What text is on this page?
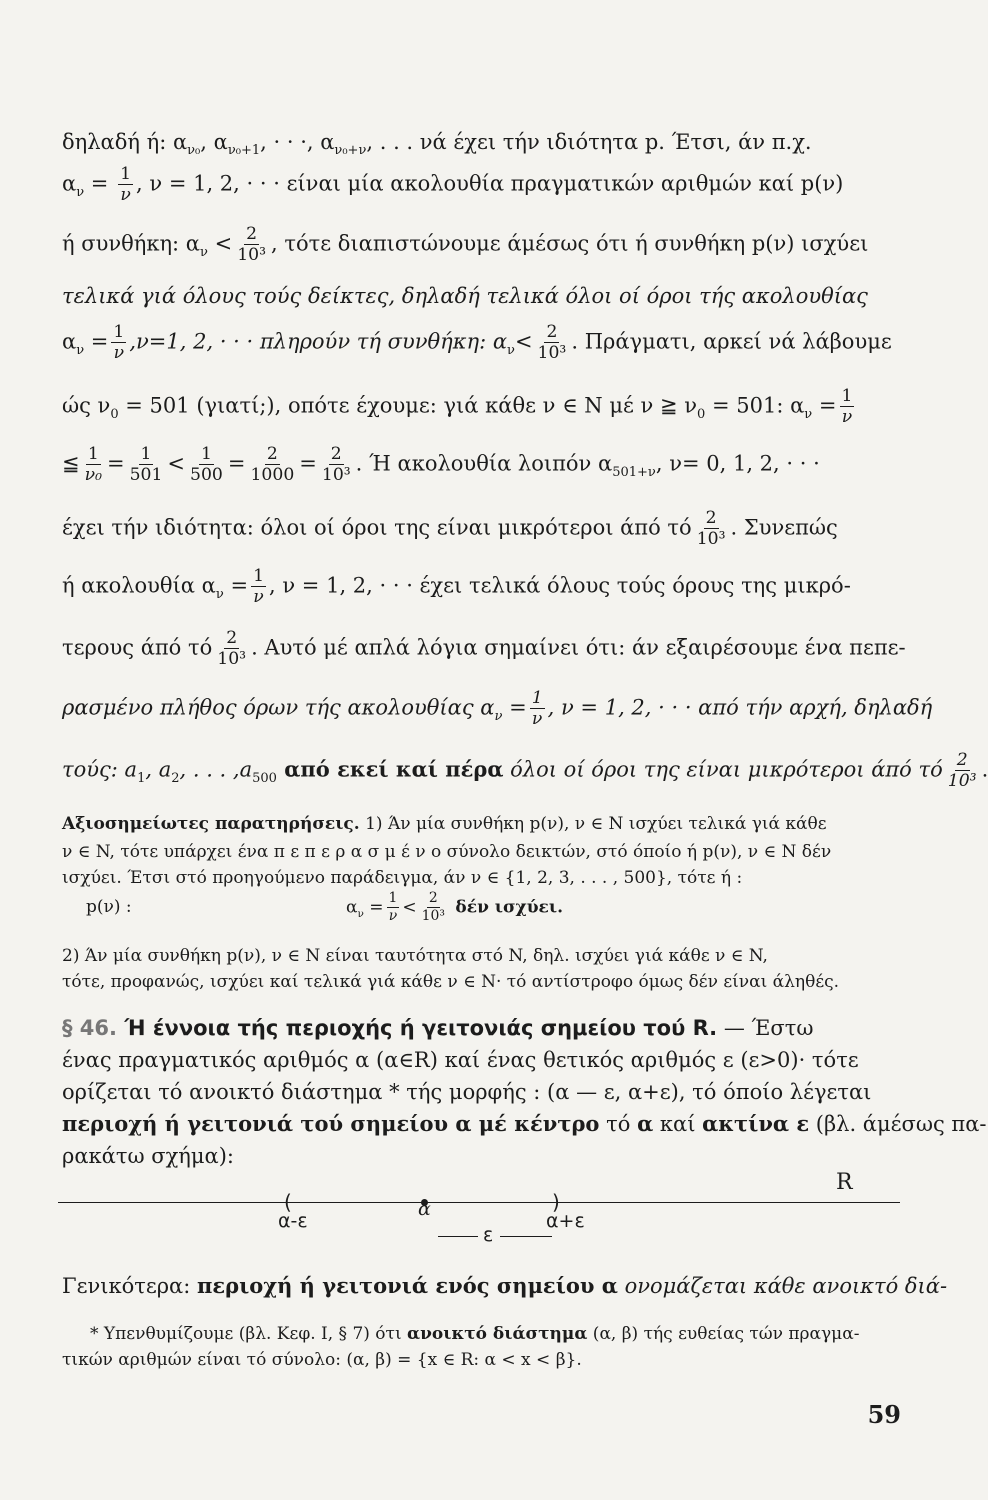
δηλαδή ή: $\alpha_{\nu_0}$, $\alpha_{\nu_0+1}$, · · ·, $\alpha_{\nu_0+\nu}$, . . . νά έχει τήν ιδιότητα p. Έτσι, άν π.χ.
$\alpha_\nu = \frac{1}{\nu}$ , ν = 1, 2, · · · είναι μία ακολουθία πραγματικών αριθμών καί p(ν)
ή συνθήκη: $\alpha_\nu < \frac{2}{\text{10³}}$ , τότε διαπιστώνουμε άμέσως ότι ή συνθήκη p(ν) ισχύει
τελικά γιά όλους τούς δείκτες, δηλαδή τελικά όλοι οί όροι τής ακολουθίας
$\alpha_\nu = \frac{1}{\nu} ,\nu=1$, 2, · · · πληρούν τή συνθήκη: $\alpha_\nu< \frac{2}{\text{10³}}$ . Πράγματι, αρκεί νά λάβουμε
ώς $\nu_0 = 501$ (γιατί;), οπότε έχουμε: γιά κάθε ν ∈ N μέ ν ≧ $\nu_0 = 501$: $\alpha_\nu = \frac{1}{\nu}$
≦ $\frac{1}{\text{ν₀}} = \frac{1}{501} < \frac{1}{500} = \frac{2}{1000} = \frac{2}{\text{10³}}$ . Ή ακολουθία λοιπόν $\alpha_{501+\nu}$, ν= 0, 1, 2, · · ·
έχει τήν ιδιότητα: όλοι οί όροι της είναι μικρότεροι άπό τό $\frac{2}{\text{10³}}$ . Συνεπώς
ή ακολουθία $\alpha_\nu = \frac{1}{\nu}$ , ν = 1, 2, · · · έχει τελικά όλους τούς όρους της μικρό-
τερους άπό τό $\frac{2}{\text{10³}}$ . Αυτό μέ απλά λόγια σημαίνει ότι: άν εξαιρέσουμε ένα πεπε-
ρασμένο πλήθος όρων τής ακολουθίας $\alpha_\nu = \frac{1}{\nu}$ , ν = 1, 2, · · · από τήν αρχή, δηλαδή
τούς: $a_1$, $a_2$, . . . $,a_{500}$ από εκεί καί πέρα όλοι οί όροι της είναι μικρότεροι άπό τό $\frac{2}{\text{10³}}$ .
Αξιοσημείωτες παρατηρήσεις. 1) Άν μία συνθήκη p(ν), ν ∈ N ισχύει τελικά γιά κάθε
ν ∈ N, τότε υπάρχει ένα π ε π ε ρ α σ μ έ ν ο σύνολο δεικτών, στό όποίο ή p(ν), ν ∈ N δέν
ισχύει. Έτσι στό προηγούμενο παράδειγμα, άν ν ∈ {1, 2, 3, . . . , 500}, τότε ή :
p(ν) :	$\alpha_\nu = \frac{1}{\nu} < \frac{2}{\text{10³}}$ δέν ισχύει.
2) Άν μία συνθήκη p(ν), ν ∈ N είναι ταυτότητα στό N, δηλ. ισχύει γιά κάθε ν ∈ N,
τότε, προφανώς, ισχύει καί τελικά γιά κάθε ν ∈ N· τό αντίστροφο όμως δέν είναι άληθές.
§ 46. Ή έννοια τής περιοχής ή γειτονιάς σημείου τού R. — Έστω
ένας πραγματικός αριθμός α (α∈R) καί ένας θετικός αριθμός ε (ε>0)· τότε
ορίζεται τό ανοικτό διάστημα * τής μορφής : (α — ε, α+ε), τό όποίο λέγεται
περιοχή ή γειτονιά τού σημείου α μέ κέντρο τό α καί ακτίνα ε (βλ. άμέσως πα-
ρακάτω σχήμα):
R
(	)
α-ε
α
α+ε
ε
Γενικότερα: περιοχή ή γειτονιά ενός σημείου α ονομάζεται κάθε ανοικτό διά-
* Υπενθυμίζουμε (βλ. Κεφ. I, § 7) ότι ανοικτό διάστημα (α, β) τής ευθείας τών πραγμα-
τικών αριθμών είναι τό σύνολο: (α, β) = {x ∈ R: α < x < β}.
59
